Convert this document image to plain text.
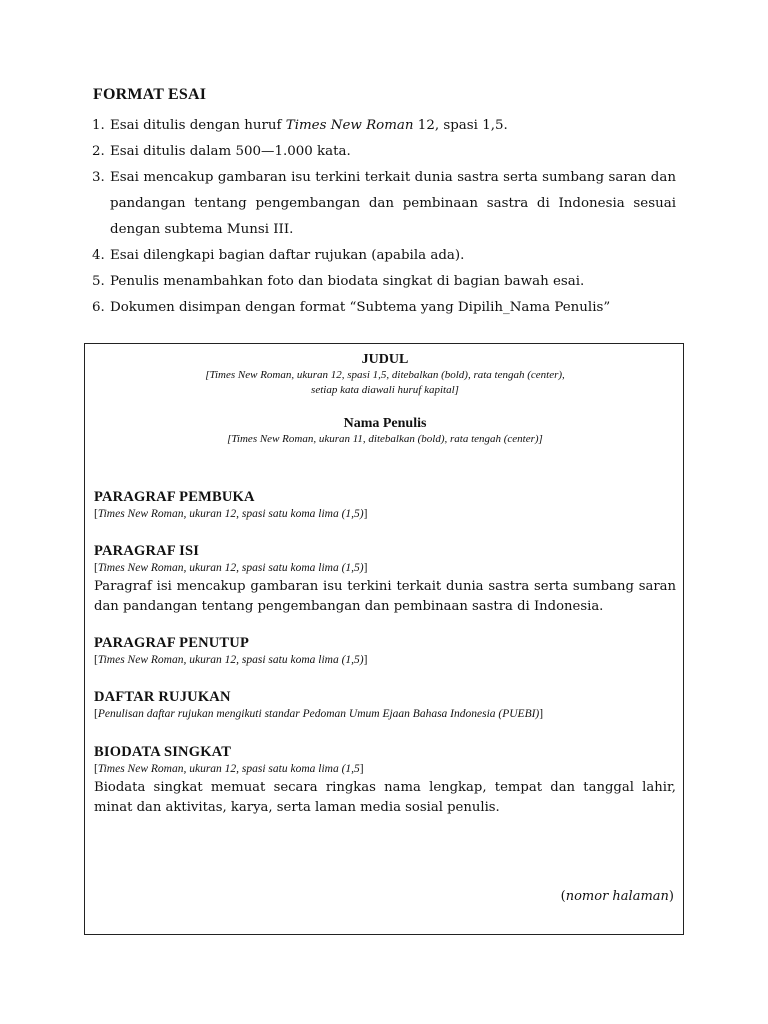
FORMAT ESAI
1. Esai ditulis dengan huruf Times New Roman 12, spasi 1,5.
2. Esai ditulis dalam 500—1.000 kata.
3. Esai mencakup gambaran isu terkini terkait dunia sastra serta sumbang saran dan pandangan tentang pengembangan dan pembinaan sastra di Indonesia sesuai dengan subtema Munsi III.
4. Esai dilengkapi bagian daftar rujukan (apabila ada).
5. Penulis menambahkan foto dan biodata singkat di bagian bawah esai.
6. Dokumen disimpan dengan format “Subtema yang Dipilih_Nama Penulis”
JUDUL
[Times New Roman, ukuran 12, spasi 1,5, ditebalkan (bold), rata tengah (center),
setiap kata diawali huruf kapital]
Nama Penulis
[Times New Roman, ukuran 11, ditebalkan (bold), rata tengah (center)]
PARAGRAF PEMBUKA
[Times New Roman, ukuran 12, spasi satu koma lima (1,5)]
PARAGRAF ISI
[Times New Roman, ukuran 12, spasi satu koma lima (1,5)]
Paragraf isi mencakup gambaran isu terkini terkait dunia sastra serta sumbang saran dan pandangan tentang pengembangan dan pembinaan sastra di Indonesia.
PARAGRAF PENUTUP
[Times New Roman, ukuran 12, spasi satu koma lima (1,5)]
DAFTAR RUJUKAN
[Penulisan daftar rujukan mengikuti standar Pedoman Umum Ejaan Bahasa Indonesia (PUEBI)]
BIODATA SINGKAT
[Times New Roman, ukuran 12, spasi satu koma lima (1,5]
Biodata singkat memuat secara ringkas nama lengkap, tempat dan tanggal lahir, minat dan aktivitas, karya, serta laman media sosial penulis.
(nomor halaman)
